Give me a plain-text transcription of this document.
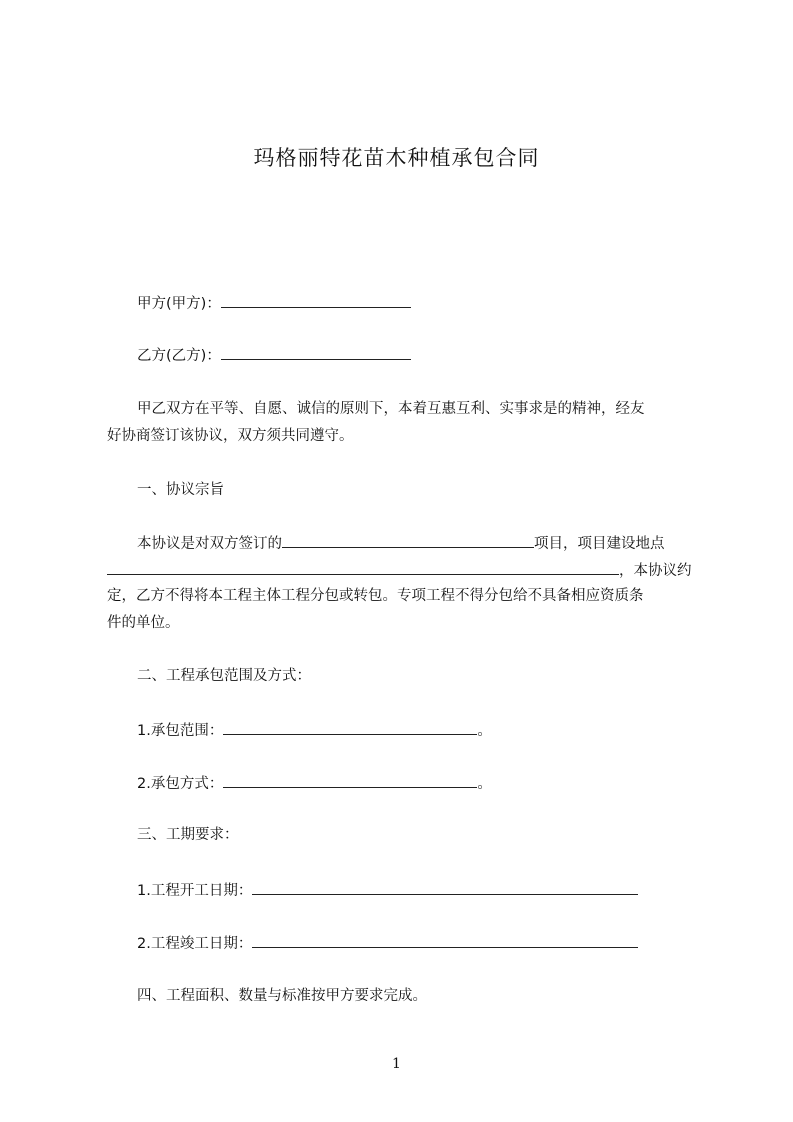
玛格丽特花苗木种植承包合同
甲方(甲方)：
乙方(乙方)：
甲乙双方在平等、自愿、诚信的原则下，本着互惠互利、实事求是的精神，经友
好协商签订该协议，双方须共同遵守。
一、协议宗旨
本协议是对双方签订的	项目，项目建设地点
，本协议约
定，乙方不得将本工程主体工程分包或转包。专项工程不得分包给不具备相应资质条
件的单位。
二、工程承包范围及方式：
1.承包范围：	。
2.承包方式：	。
三、工期要求：
1.工程开工日期：
2.工程竣工日期：
四、工程面积、数量与标准按甲方要求完成。
1
